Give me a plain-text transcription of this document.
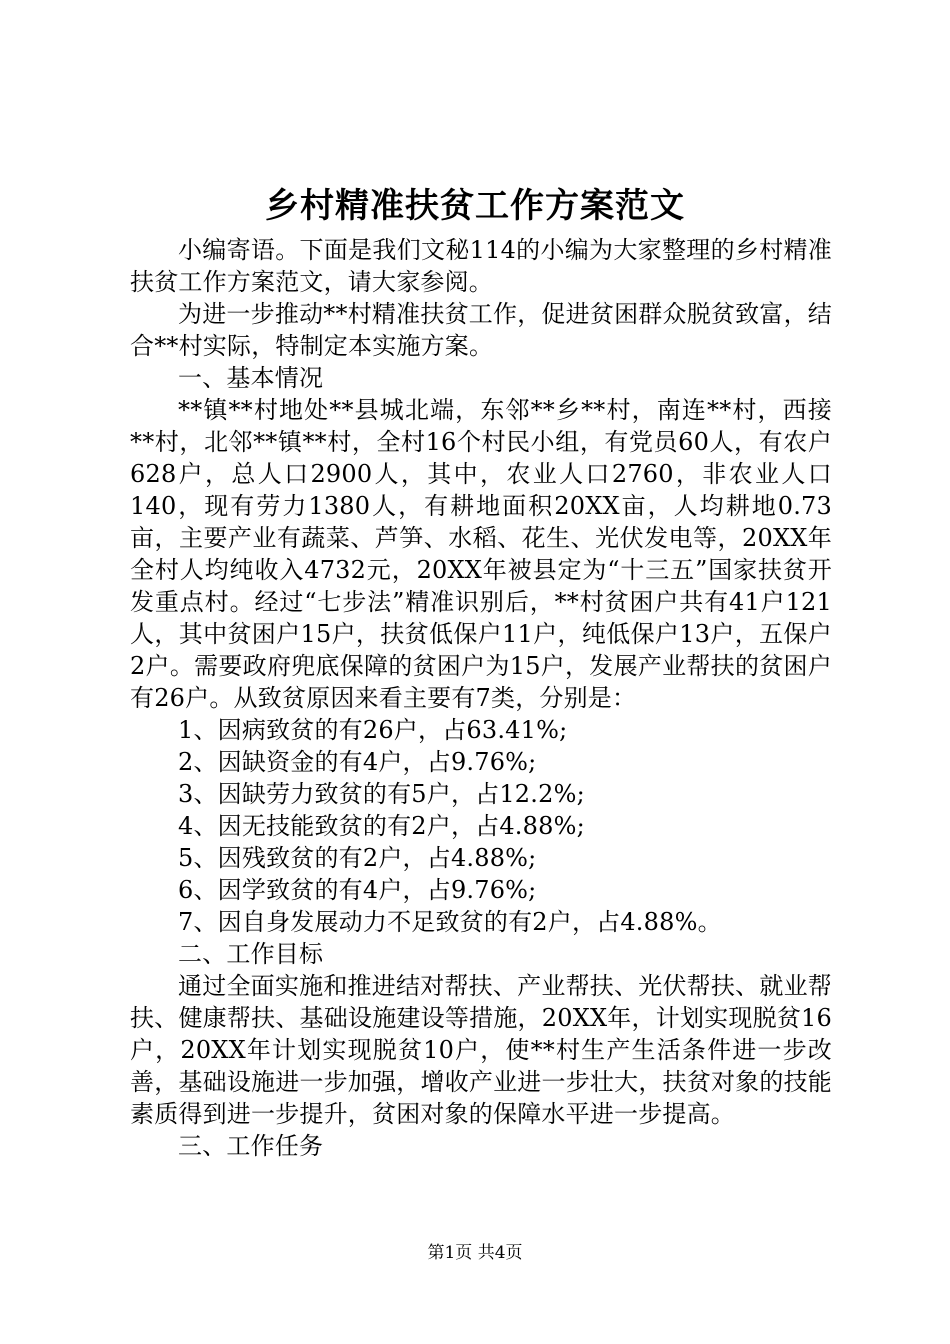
乡村精准扶贫工作方案范文

小编寄语。下面是我们文秘114的小编为大家整理的乡村精准扶贫工作方案范文，请大家参阅。

为进一步推动**村精准扶贫工作，促进贫困群众脱贫致富，结合**村实际，特制定本实施方案。

一、基本情况

**镇**村地处**县城北端，东邻**乡**村，南连**村，西接**村，北邻**镇**村，全村16个村民小组，有党员60人，有农户628户，总人口2900人，其中，农业人口2760，非农业人口140，现有劳力1380人，有耕地面积20XX亩，人均耕地0.73亩，主要产业有蔬菜、芦笋、水稻、花生、光伏发电等，20XX年全村人均纯收入4732元，20XX年被县定为“十三五”国家扶贫开发重点村。经过“七步法”精准识别后，**村贫困户共有41户121人，其中贫困户15户，扶贫低保户11户，纯低保户13户，五保户2户。需要政府兜底保障的贫困户为15户，发展产业帮扶的贫困户有26户。从致贫原因来看主要有7类，分别是：

1、因病致贫的有26户，占63.41%;

2、因缺资金的有4户，占9.76%;

3、因缺劳力致贫的有5户，占12.2%;

4、因无技能致贫的有2户，占4.88%;

5、因残致贫的有2户，占4.88%;

6、因学致贫的有4户，占9.76%;

7、因自身发展动力不足致贫的有2户，占4.88%。

二、工作目标

通过全面实施和推进结对帮扶、产业帮扶、光伏帮扶、就业帮扶、健康帮扶、基础设施建设等措施，20XX年，计划实现脱贫16户，20XX年计划实现脱贫10户，使**村生产生活条件进一步改善，基础设施进一步加强，增收产业进一步壮大，扶贫对象的技能素质得到进一步提升，贫困对象的保障水平进一步提高。

三、工作任务

第1页 共4页
